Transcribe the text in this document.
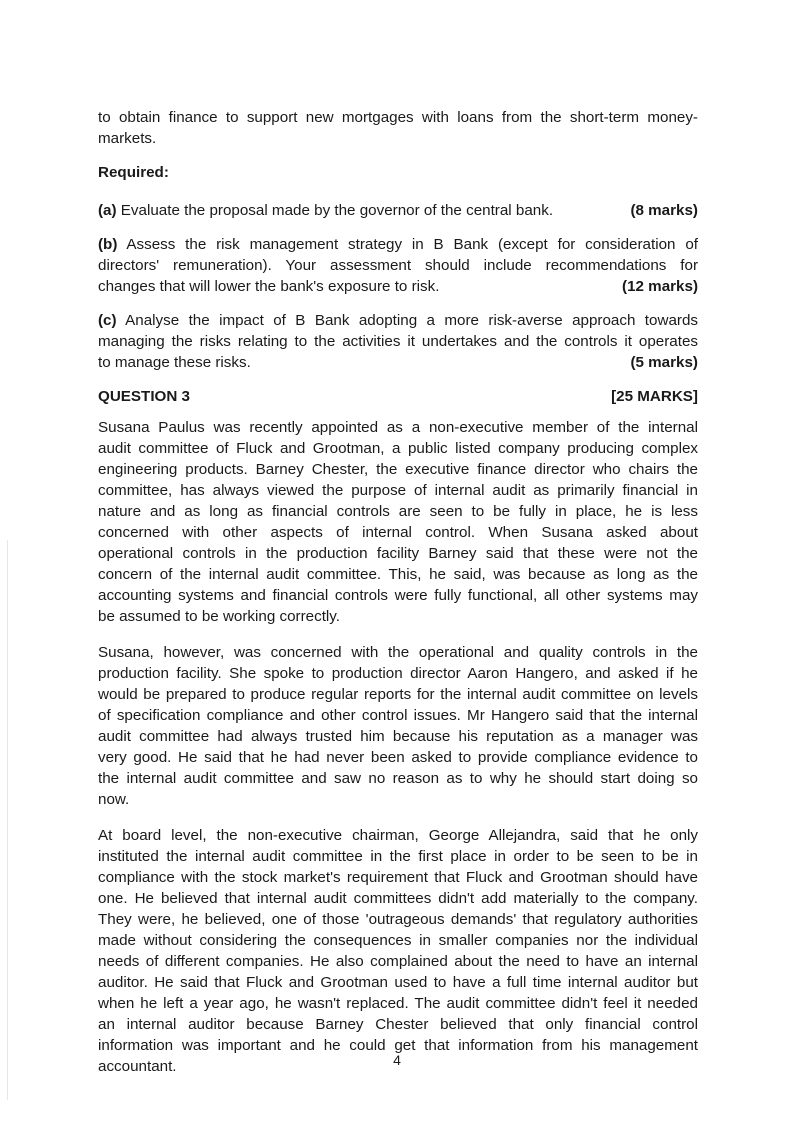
to obtain finance to support new mortgages with loans from the short-term money-
markets.
Required:
(a) Evaluate the proposal made by the governor of the central bank.	(8 marks)
(b) Assess the risk management strategy in B Bank (except for consideration of
directors' remuneration). Your assessment should include recommendations for
changes that will lower the bank's exposure to risk.	(12 marks)
(c) Analyse the impact of B Bank adopting a more risk-averse approach towards
managing the risks relating to the activities it undertakes and the controls it operates
to manage these risks.	(5 marks)
QUESTION 3	[25 MARKS]
Susana Paulus was recently appointed as a non-executive member of the internal
audit committee of Fluck and Grootman, a public listed company producing complex
engineering products. Barney Chester, the executive finance director who chairs the
committee, has always viewed the purpose of internal audit as primarily financial in
nature and as long as financial controls are seen to be fully in place, he is less
concerned with other aspects of internal control. When Susana asked about
operational controls in the production facility Barney said that these were not the
concern of the internal audit committee. This, he said, was because as long as the
accounting systems and financial controls were fully functional, all other systems may
be assumed to be working correctly.
Susana, however, was concerned with the operational and quality controls in the
production facility. She spoke to production director Aaron Hangero, and asked if he
would be prepared to produce regular reports for the internal audit committee on levels
of specification compliance and other control issues. Mr Hangero said that the internal
audit committee had always trusted him because his reputation as a manager was
very good. He said that he had never been asked to provide compliance evidence to
the internal audit committee and saw no reason as to why he should start doing so
now.
At board level, the non-executive chairman, George Allejandra, said that he only
instituted the internal audit committee in the first place in order to be seen to be in
compliance with the stock market's requirement that Fluck and Grootman should have
one. He believed that internal audit committees didn't add materially to the company.
They were, he believed, one of those 'outrageous demands' that regulatory authorities
made without considering the consequences in smaller companies nor the individual
needs of different companies. He also complained about the need to have an internal
auditor. He said that Fluck and Grootman used to have a full time internal auditor but
when he left a year ago, he wasn't replaced. The audit committee didn't feel it needed
an internal auditor because Barney Chester believed that only financial control
information was important and he could get that information from his management
accountant.	4
